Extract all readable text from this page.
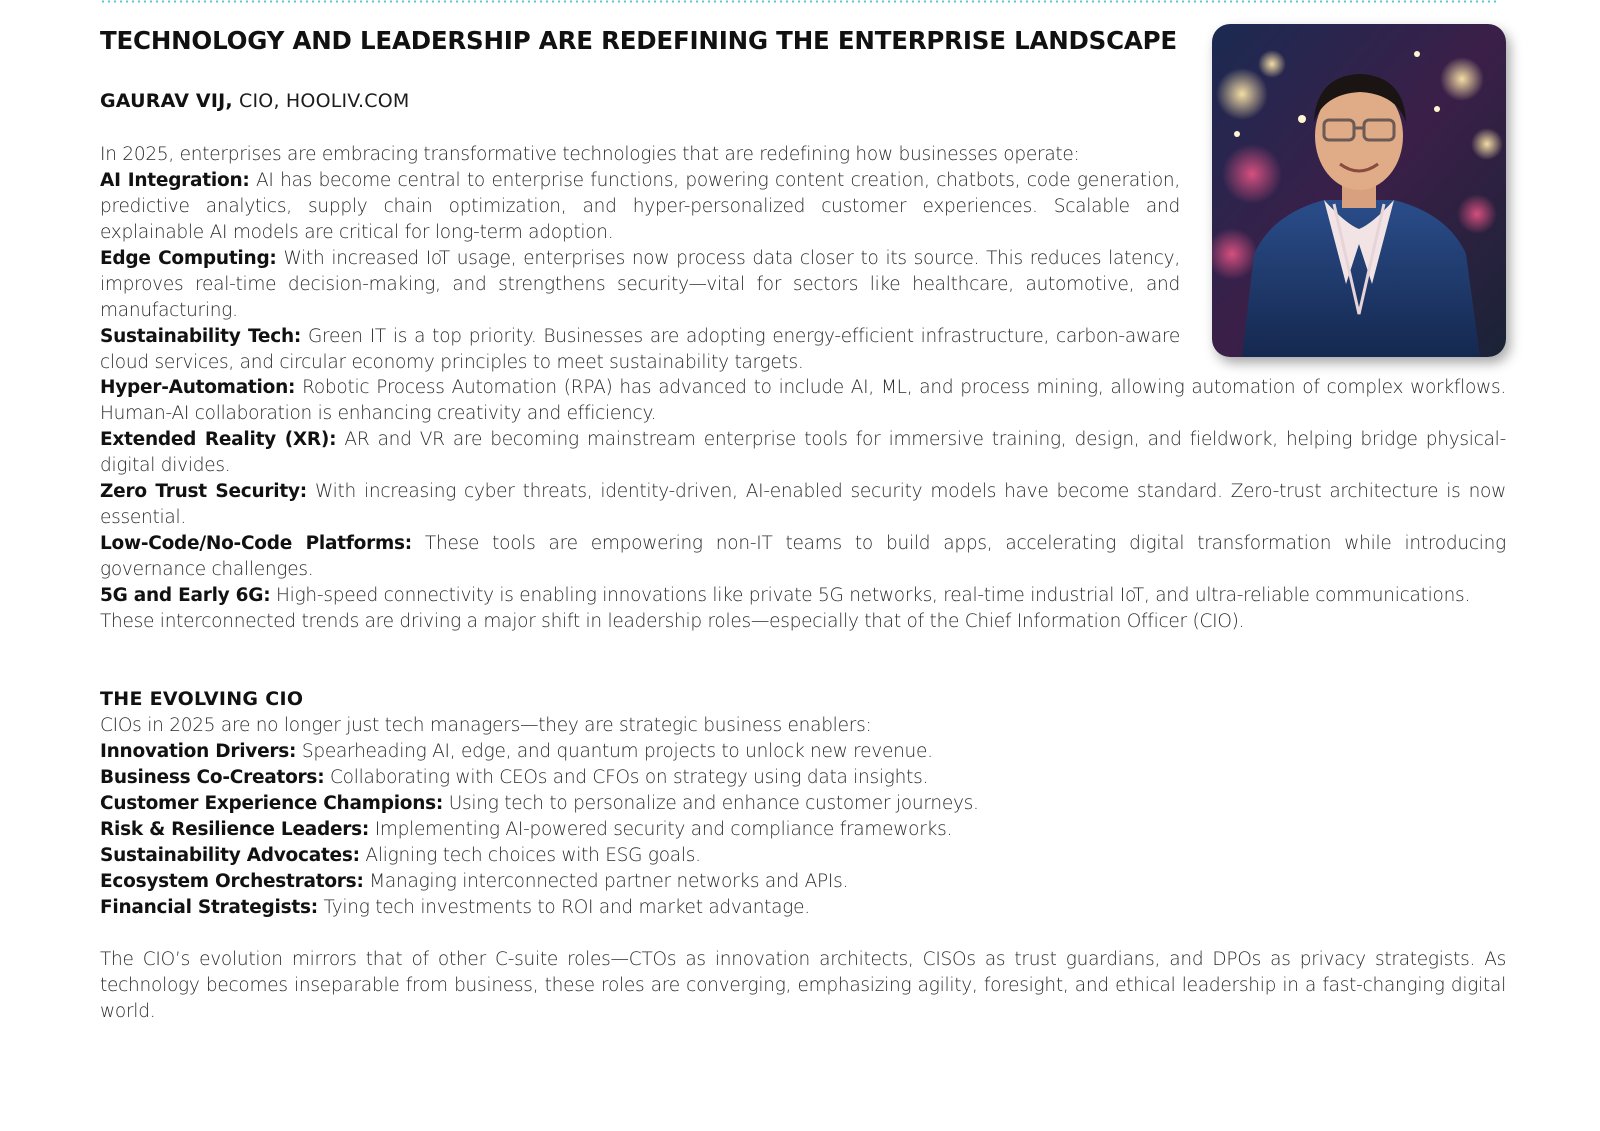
TECHNOLOGY AND LEADERSHIP ARE REDEFINING THE ENTERPRISE LANDSCAPE

GAURAV VIJ, CIO, HOOLIV.COM

In 2025, enterprises are embracing transformative technologies that are redefining how businesses operate:

AI Integration: AI has become central to enterprise functions, powering content creation, chatbots, code generation, predictive analytics, supply chain optimization, and hyper-personalized customer experiences. Scalable and explainable AI models are critical for long-term adoption.

Edge Computing: With increased IoT usage, enterprises now process data closer to its source. This reduces latency, improves real-time decision-making, and strengthens security—vital for sectors like healthcare, automotive, and manufacturing.

Sustainability Tech: Green IT is a top priority. Businesses are adopting energy-efficient infrastructure, carbon-aware cloud services, and circular economy principles to meet sustainability targets.

Hyper-Automation: Robotic Process Automation (RPA) has advanced to include AI, ML, and process mining, allowing automation of complex workflows. Human-AI collaboration is enhancing creativity and efficiency.

Extended Reality (XR): AR and VR are becoming mainstream enterprise tools for immersive training, design, and fieldwork, helping bridge physical-digital divides.

Zero Trust Security: With increasing cyber threats, identity-driven, AI-enabled security models have become standard. Zero-trust architecture is now essential.

Low-Code/No-Code Platforms: These tools are empowering non-IT teams to build apps, accelerating digital transformation while introducing governance challenges.

5G and Early 6G: High-speed connectivity is enabling innovations like private 5G networks, real-time industrial IoT, and ultra-reliable communications.

These interconnected trends are driving a major shift in leadership roles—especially that of the Chief Information Officer (CIO).

THE EVOLVING CIO

CIOs in 2025 are no longer just tech managers—they are strategic business enablers:

Innovation Drivers: Spearheading AI, edge, and quantum projects to unlock new revenue.

Business Co-Creators: Collaborating with CEOs and CFOs on strategy using data insights.

Customer Experience Champions: Using tech to personalize and enhance customer journeys.

Risk & Resilience Leaders: Implementing AI-powered security and compliance frameworks.

Sustainability Advocates: Aligning tech choices with ESG goals.

Ecosystem Orchestrators: Managing interconnected partner networks and APIs.

Financial Strategists: Tying tech investments to ROI and market advantage.

The CIO’s evolution mirrors that of other C-suite roles—CTOs as innovation architects, CISOs as trust guardians, and DPOs as privacy strategists. As technology becomes inseparable from business, these roles are converging, emphasizing agility, foresight, and ethical leadership in a fast-changing digital world.
